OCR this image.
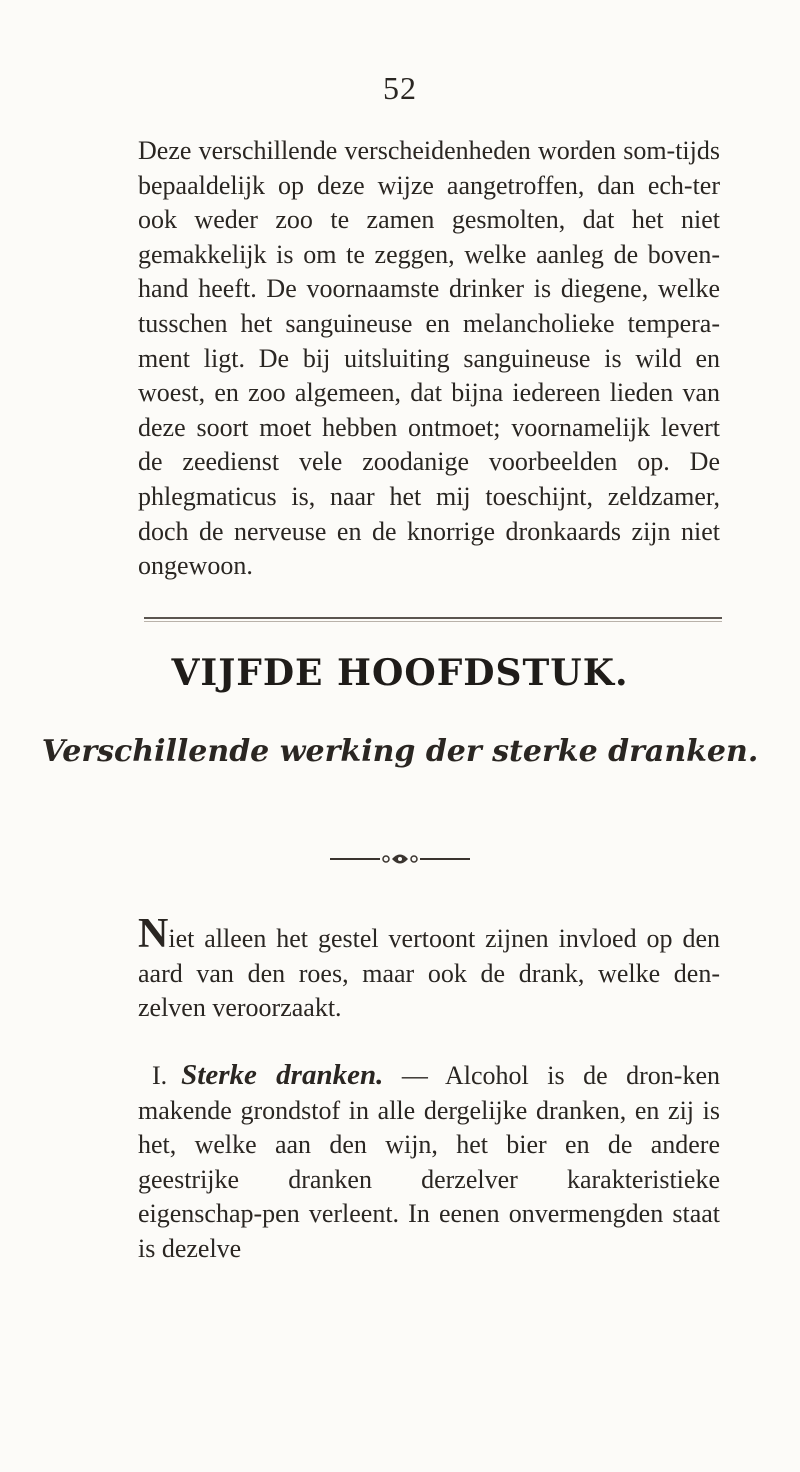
52

Deze verschillende verscheidenheden worden som-tijds bepaaldelijk op deze wijze aangetroffen, dan ech-ter ook weder zoo te zamen gesmolten, dat het niet gemakkelijk is om te zeggen, welke aanleg de boven-hand heeft. De voornaamste drinker is diegene, welke tusschen het sanguineuse en melancholieke tempera-ment ligt. De bij uitsluiting sanguineuse is wild en woest, en zoo algemeen, dat bijna iedereen lieden van deze soort moet hebben ontmoet; voornamelijk levert de zeedienst vele zoodanige voorbeelden op. De phlegmaticus is, naar het mij toeschijnt, zeldzamer, doch de nerveuse en de knorrige dronkaards zijn niet ongewoon.

VIJFDE HOOFDSTUK.
Verschillende werking der sterke dranken.

Niet alleen het gestel vertoont zijnen invloed op den aard van den roes, maar ook de drank, welke den-zelven veroorzaakt.

I. Sterke dranken. — Alcohol is de dron-ken makende grondstof in alle dergelijke dranken, en zij is het, welke aan den wijn, het bier en de andere geestrijke dranken derzelver karakteristieke eigenschap-pen verleent. In eenen onvermengden staat is dezelve
